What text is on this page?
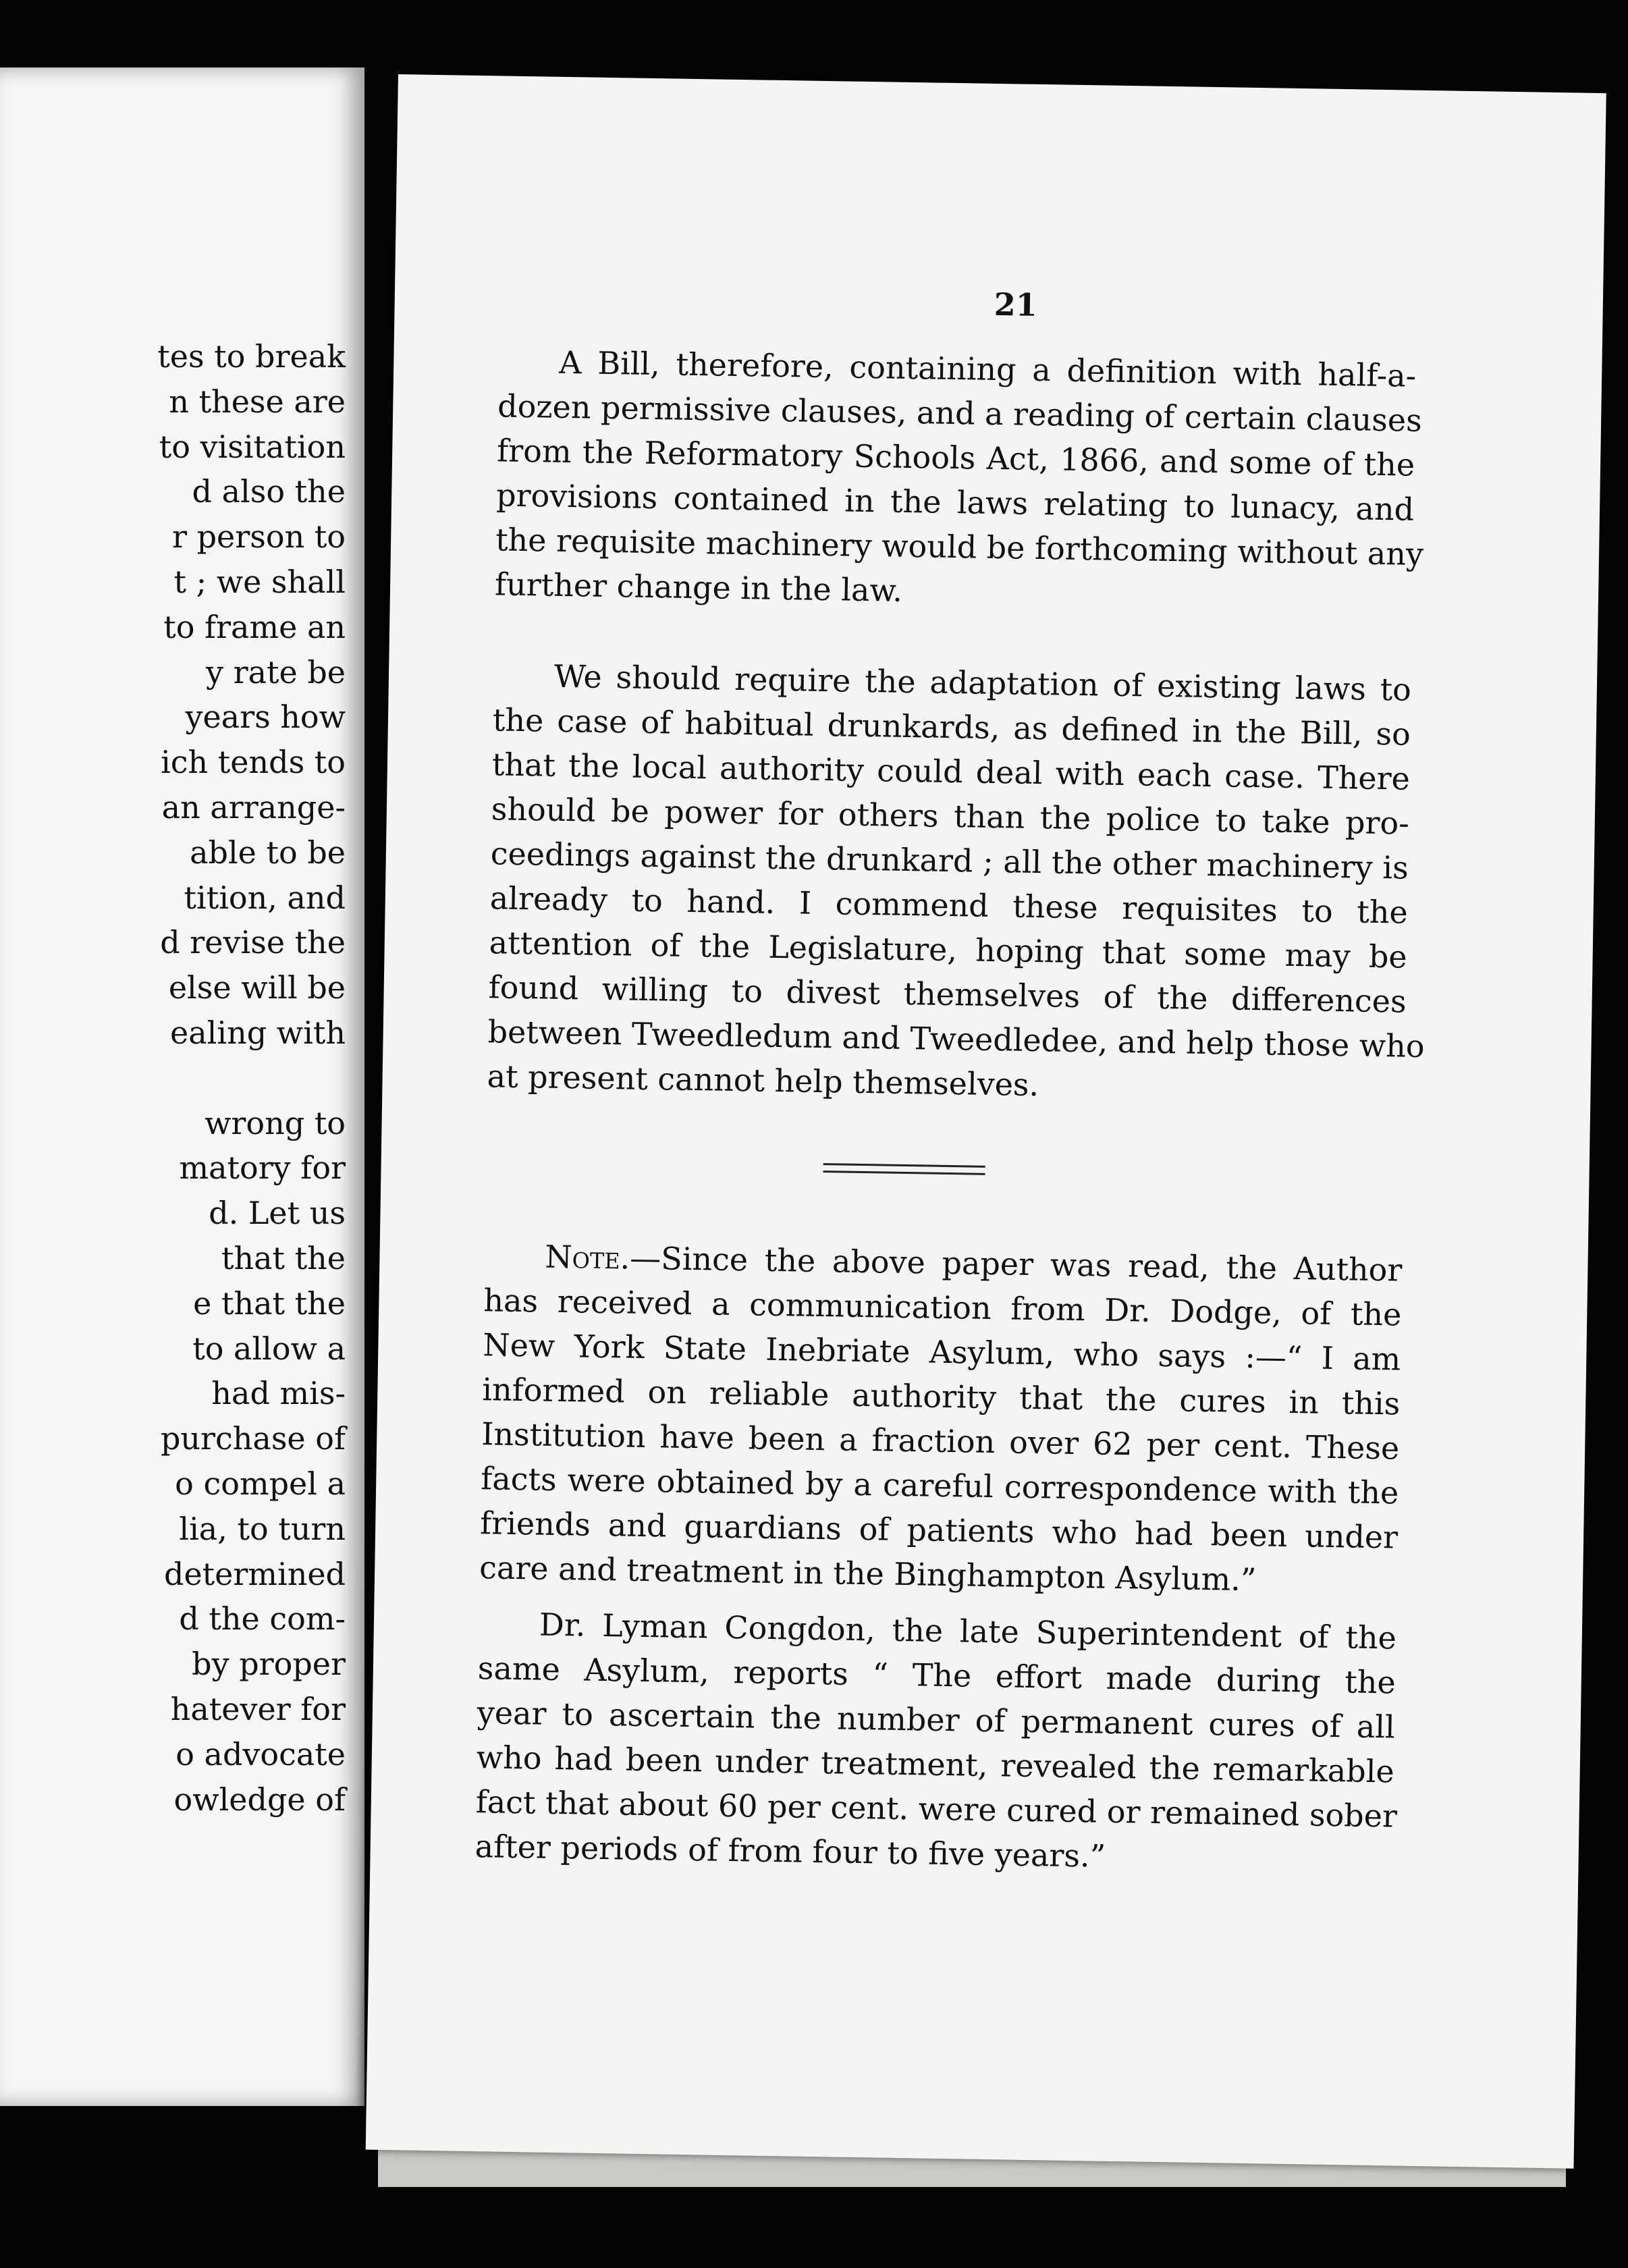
tes to break
n these are
to visitation
d also the
r person to
t ; we shall
to frame an
y rate be
years how
ich tends to
an arrange-
able to be
tition, and
d revise the
else will be
ealing with
wrong to
matory for
d. Let us
that the
e that the
to allow a
had mis-
purchase of
o compel a
lia, to turn
determined
d the com-
by proper
hatever for
o advocate
owledge of
21
A Bill, therefore, containing a definition with half-a-
dozen permissive clauses, and a reading of certain clauses
from the Reformatory Schools Act, 1866, and some of the
provisions contained in the laws relating to lunacy, and
the requisite machinery would be forthcoming without any
further change in the law.
We should require the adaptation of existing laws to
the case of habitual drunkards, as defined in the Bill, so
that the local authority could deal with each case. There
should be power for others than the police to take pro-
ceedings against the drunkard ; all the other machinery is
already to hand. I commend these requisites to the
attention of the Legislature, hoping that some may be
found willing to divest themselves of the differences
between Tweedledum and Tweedledee, and help those who
at present cannot help themselves.
Note.—Since the above paper was read, the Author
has received a communication from Dr. Dodge, of the
New York State Inebriate Asylum, who says :—“ I am
informed on reliable authority that the cures in this
Institution have been a fraction over 62 per cent. These
facts were obtained by a careful correspondence with the
friends and guardians of patients who had been under
care and treatment in the Binghampton Asylum.”
Dr. Lyman Congdon, the late Superintendent of the
same Asylum, reports “ The effort made during the
year to ascertain the number of permanent cures of all
who had been under treatment, revealed the remarkable
fact that about 60 per cent. were cured or remained sober
after periods of from four to five years.”
